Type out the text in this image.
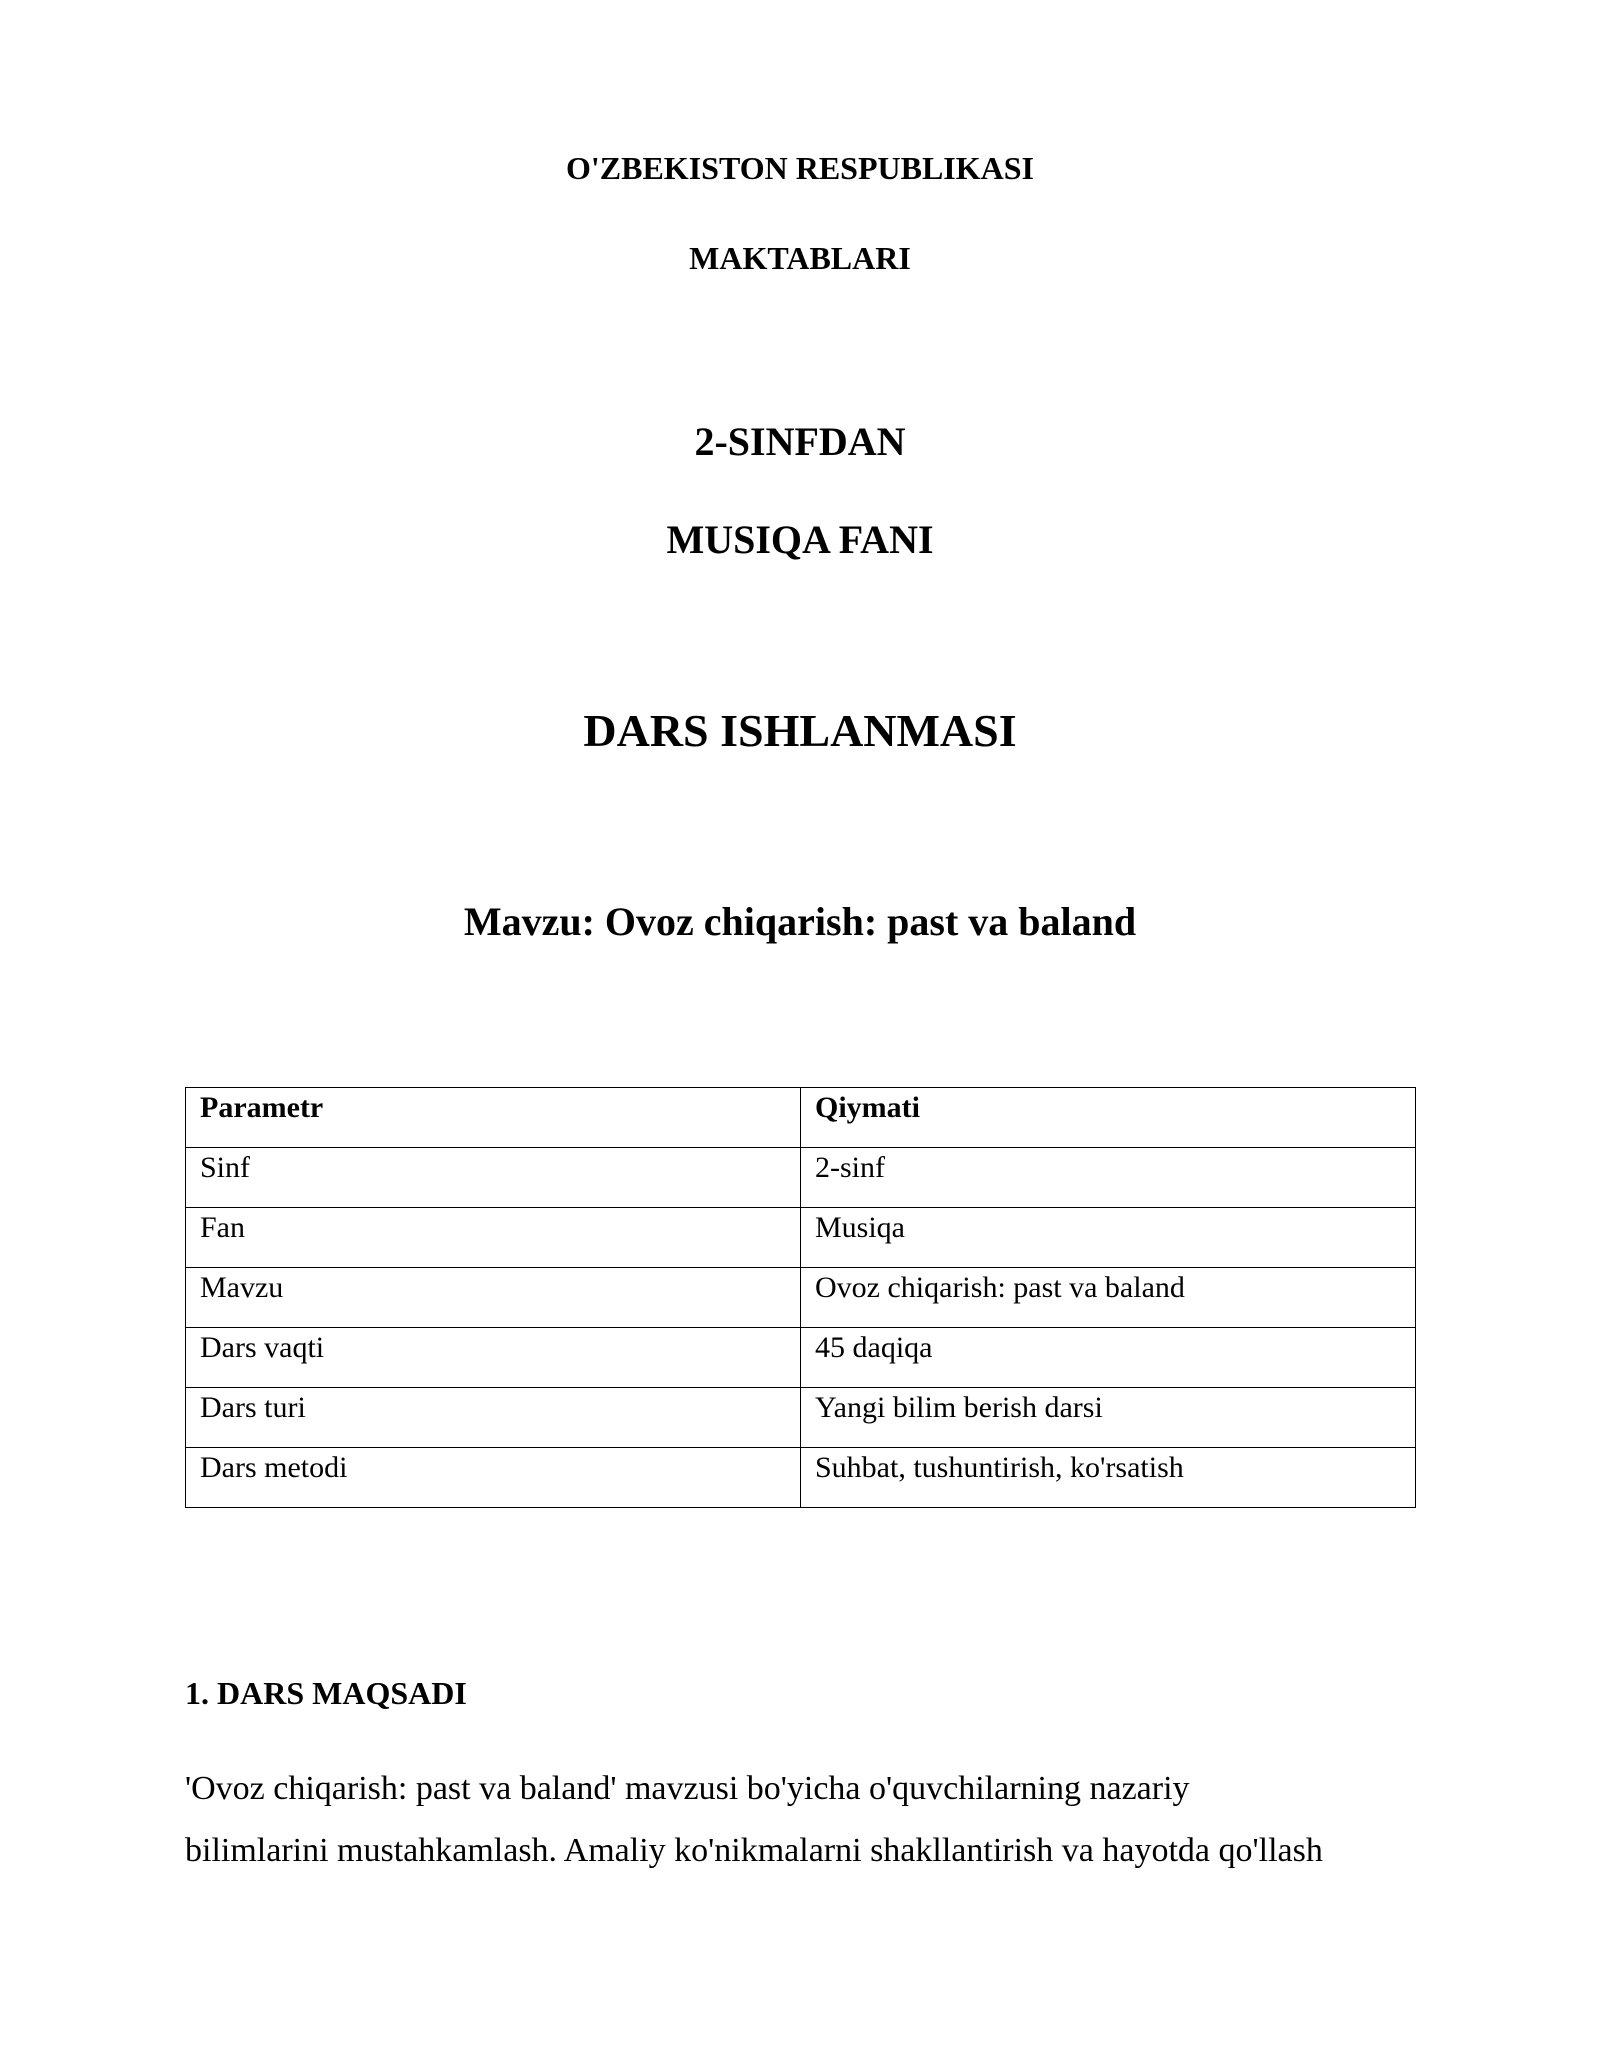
O'ZBEKISTON RESPUBLIKASI

MAKTABLARI

2-SINFDAN

MUSIQA FANI

DARS ISHLANMASI

Mavzu: Ovoz chiqarish: past va baland

Parametr	Qiymati
Sinf	2-sinf
Fan	Musiqa
Mavzu	Ovoz chiqarish: past va baland
Dars vaqti	45 daqiqa
Dars turi	Yangi bilim berish darsi
Dars metodi	Suhbat, tushuntirish, ko'rsatish
1. DARS MAQSADI

'Ovoz chiqarish: past va baland' mavzusi bo'yicha o'quvchilarning nazariy
bilimlarini mustahkamlash. Amaliy ko'nikmalarni shakllantirish va hayotda qo'llash
